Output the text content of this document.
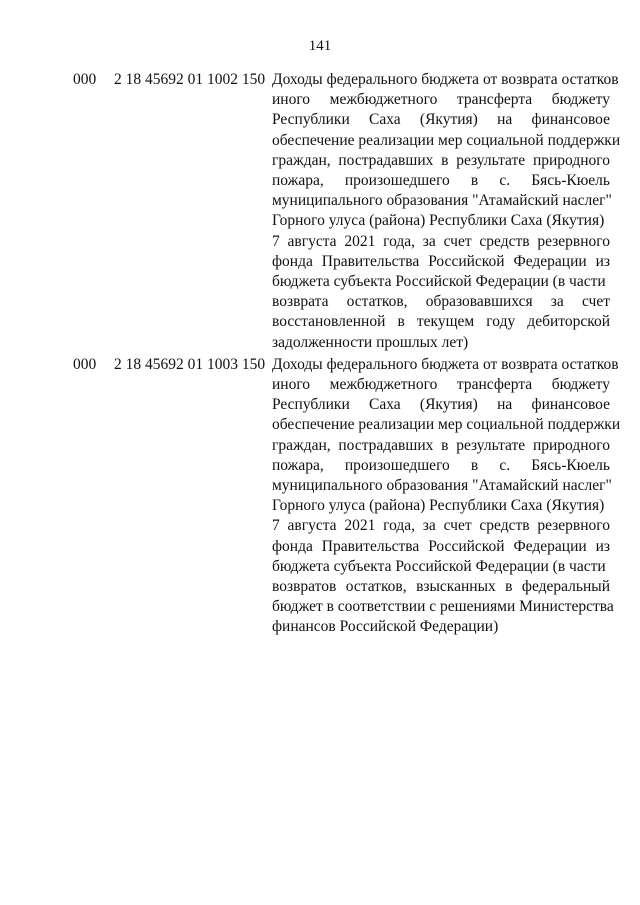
141
000 2 18 45692 01 1002 150 Доходы федерального бюджета от возврата остатков
иного межбюджетного трансферта бюджету
Республики Саха (Якутия) на финансовое
обеспечение реализации мер социальной поддержки
граждан, пострадавших в результате природного
пожара, произошедшего в с. Бясь-Кюель
муниципального образования "Атамайский наслег"
Горного улуса (района) Республики Саха (Якутия)
7 августа 2021 года, за счет средств резервного
фонда Правительства Российской Федерации из
бюджета субъекта Российской Федерации (в части
возврата остатков, образовавшихся за счет
восстановленной в текущем году дебиторской
задолженности прошлых лет)
000 2 18 45692 01 1003 150 Доходы федерального бюджета от возврата остатков
иного межбюджетного трансферта бюджету
Республики Саха (Якутия) на финансовое
обеспечение реализации мер социальной поддержки
граждан, пострадавших в результате природного
пожара, произошедшего в с. Бясь-Кюель
муниципального образования "Атамайский наслег"
Горного улуса (района) Республики Саха (Якутия)
7 августа 2021 года, за счет средств резервного
фонда Правительства Российской Федерации из
бюджета субъекта Российской Федерации (в части
возвратов остатков, взысканных в федеральный
бюджет в соответствии с решениями Министерства
финансов Российской Федерации)
